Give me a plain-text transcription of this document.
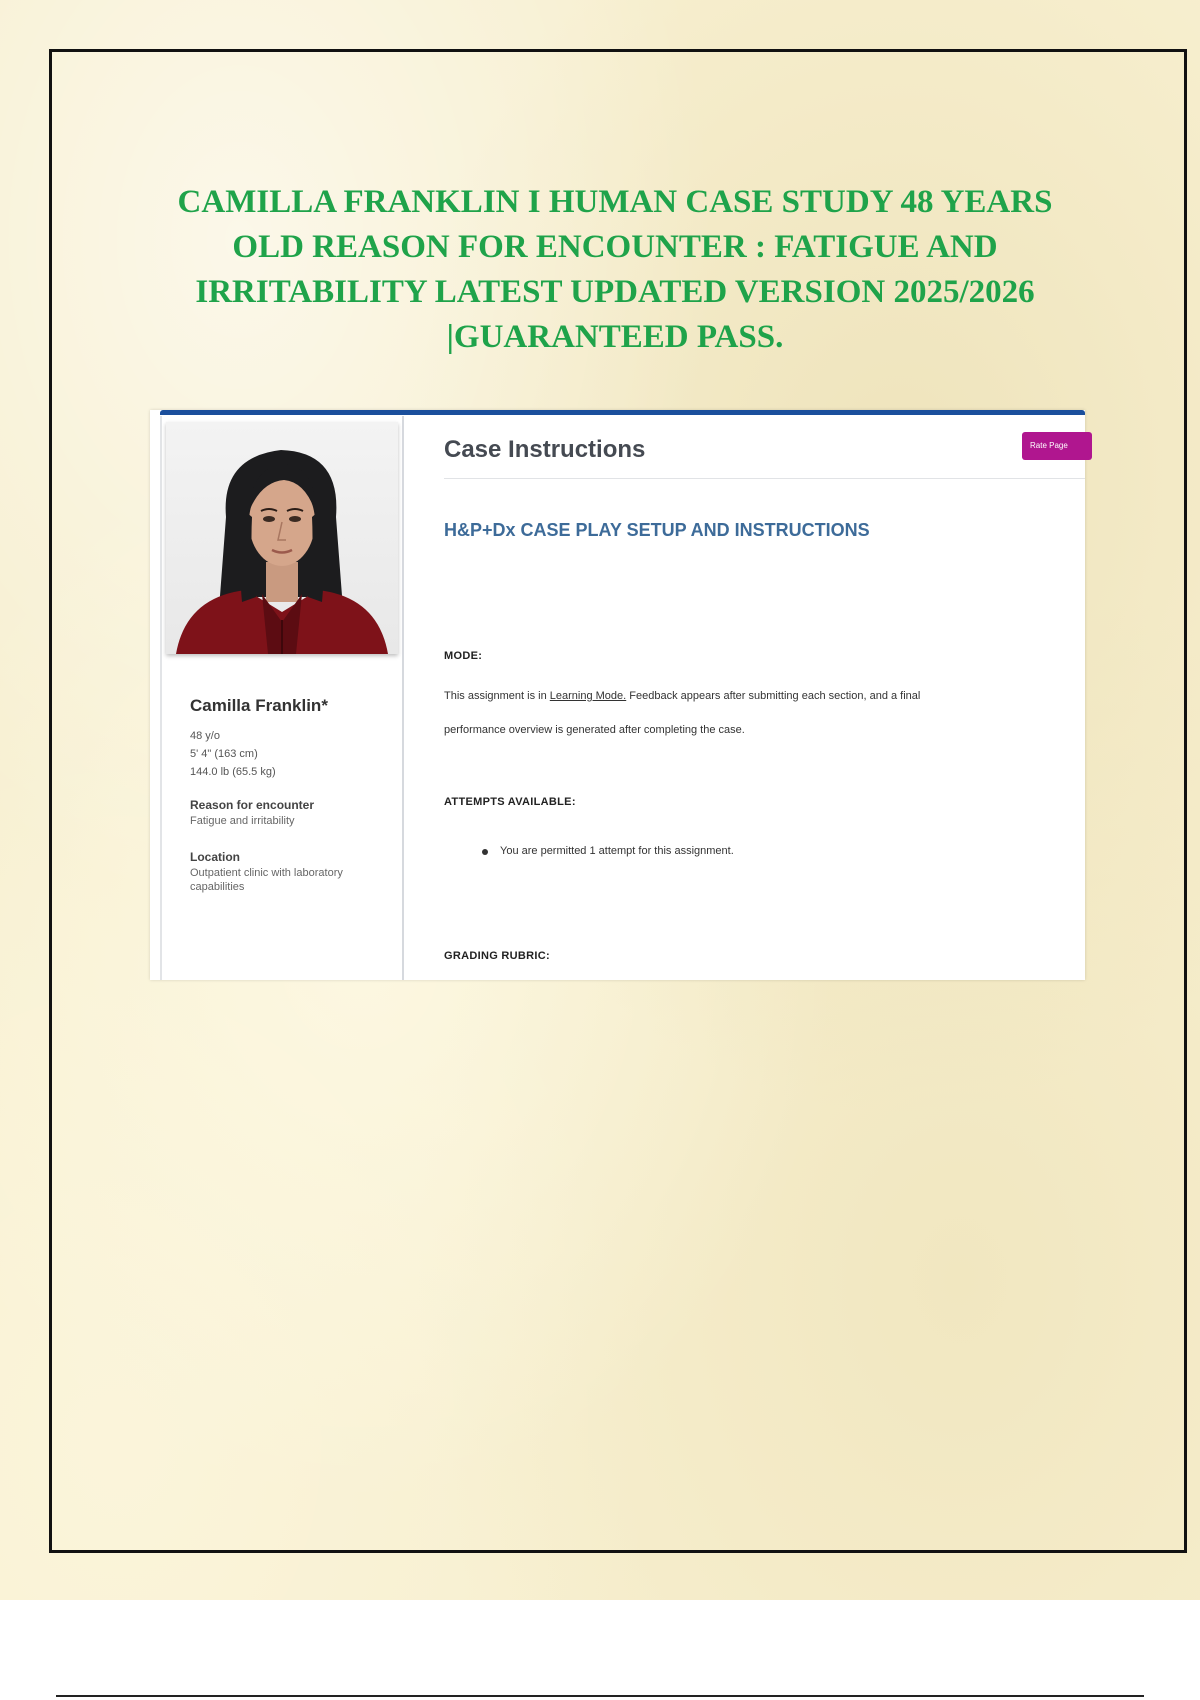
CAMILLA FRANKLIN I HUMAN CASE STUDY 48 YEARS OLD REASON FOR ENCOUNTER : FATIGUE AND IRRITABILITY LATEST UPDATED VERSION 2025/2026 |GUARANTEED PASS.
Camilla Franklin*
48 y/o
5' 4" (163 cm)
144.0 lb (65.5 kg)
Reason for encounter
Fatigue and irritability
Location
Outpatient clinic with laboratory capabilities
Case Instructions	Rate Page
H&P+Dx CASE PLAY SETUP AND INSTRUCTIONS
MODE:
This assignment is in Learning Mode. Feedback appears after submitting each section, and a final
performance overview is generated after completing the case.
ATTEMPTS AVAILABLE:
You are permitted 1 attempt for this assignment.
GRADING RUBRIC:
